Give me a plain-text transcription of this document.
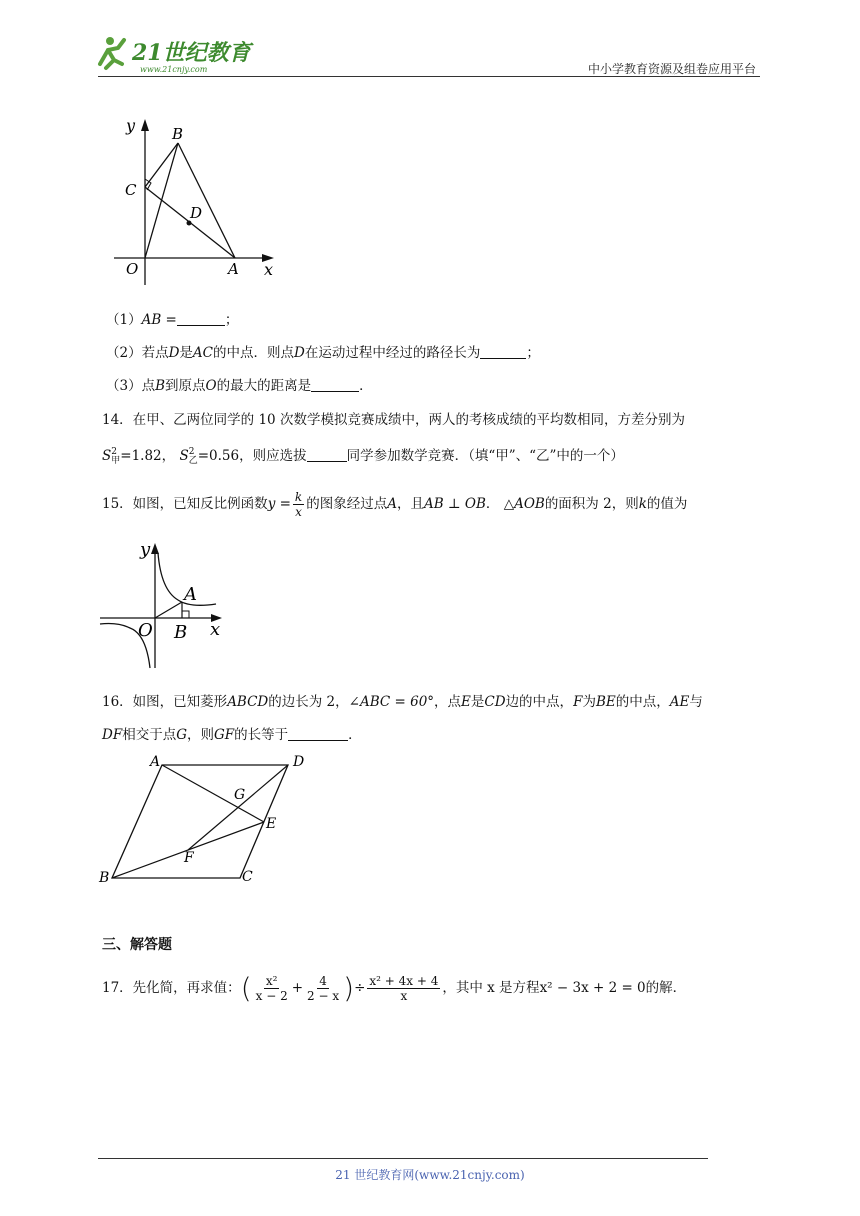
21世纪教育
www.21cnjy.com	中小学教育资源及组卷应用平台
y
x
B
C
D
O	A
（1）AB =	；
（2）若点D是AC的中点．则点D在运动过程中经过的路径长为	；
（3）点B到原点O的最大的距离是	．
14．在甲、乙两位同学的 10 次数学模拟竞赛成绩中，两人的考核成绩的平均数相同，方差分别为
S 2
甲 =1.82， S 2
乙 =0.56，则应选拔	同学参加数学竞赛．（填“甲”、“乙”中的一个）
15．如图，已知反比例函数$y = \frac{k}{x}$ 的图象经过点A，且AB ⊥ OB． △AOB的面积为 2，则k的值为
y
x
A
O B
16．如图，已知菱形ABCD的边长为 2，∠ABC = 60°，点E是CD边的中点，F为BE的中点，AE与
DF相交于点G，则GF的长等于	．
A	D
G
E
F
B	C
三、解答题
17．先化简，再求值：( $\frac{\text{x²}}{x - 2} + \frac{4}{2 - x}$ )÷ $\frac{\text{x² + 4x + 4}}{x}$ ，其中 x 是方程x² − 3x + 2 = 0的解．
21 世纪教育网(www.21cnjy.com)
